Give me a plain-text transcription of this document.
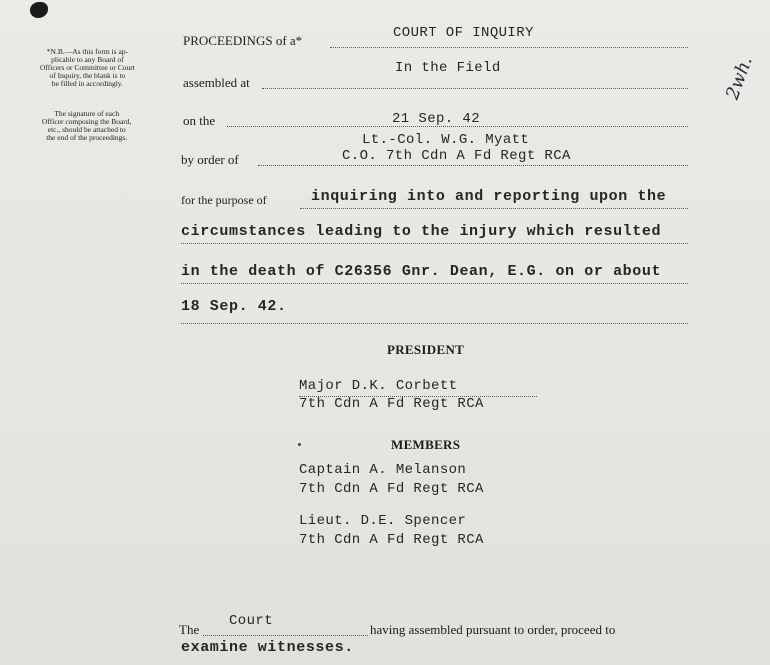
*N.B.—As this form is ap-
plicable to any Board of
Officers or Committee or Court
of Inquiry, the blank is to
be filled in accordingly.
The signature of each
Officer composing the Board,
etc., should be attached to
the end of the proceedings.
PROCEEDINGS of a*	COURT OF INQUIRY
assembled at
In the Field
on the	21 Sep. 42
Lt.-Col. W.G. Myatt
by order of	C.O. 7th Cdn A Fd Regt RCA
for the purpose of	inquiring into and reporting upon the
circumstances leading to the injury which resulted
in the death of C26356 Gnr. Dean, E.G. on or about
18 Sep. 42.
PRESIDENT
Major D.K. Corbett
7th Cdn A Fd Regt RCA
MEMBERS
Captain A. Melanson
7th Cdn A Fd Regt RCA
Lieut. D.E. Spencer
7th Cdn A Fd Regt RCA
The
Court
having assembled pursuant to order, proceed to
examine witnesses.
2wh.
